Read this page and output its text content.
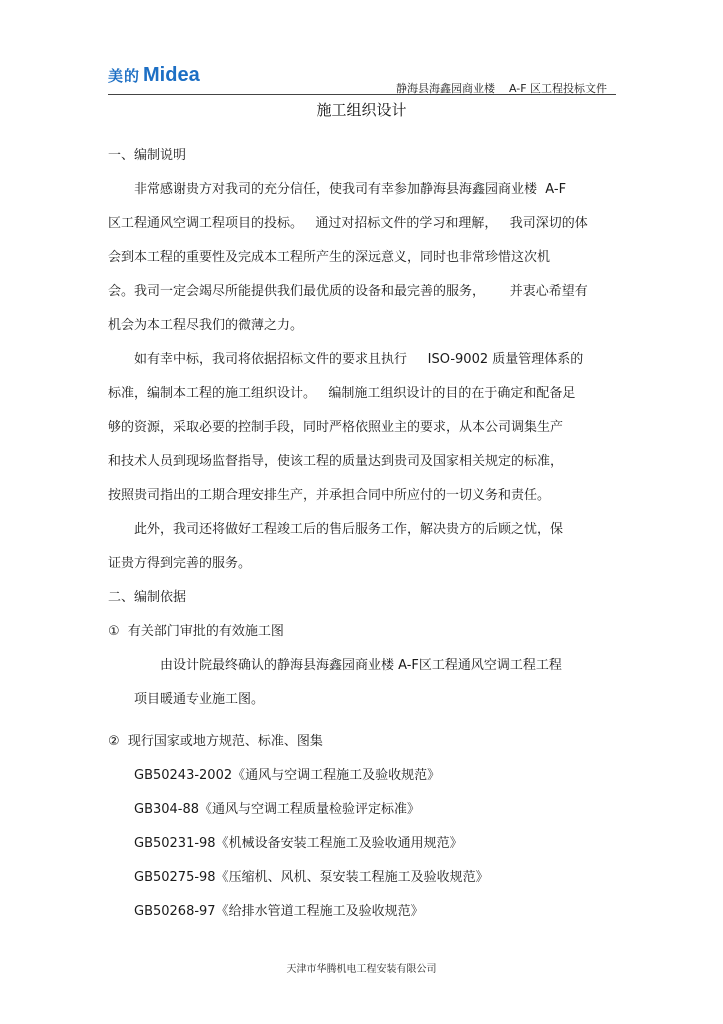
美的 Midea
静海县海鑫园商业楼    A-F 区工程投标文件
施工组织设计
一、编制说明
非常感谢贵方对我司的充分信任，使我司有幸参加静海县海鑫园商业楼  A-F
区工程通风空调工程项目的投标。   通过对招标文件的学习和理解，   我司深切的体
会到本工程的重要性及完成本工程所产生的深远意义，同时也非常珍惜这次机
会。我司一定会竭尽所能提供我们最优质的设备和最完善的服务，      并衷心希望有
机会为本工程尽我们的微薄之力。
如有幸中标，我司将依据招标文件的要求且执行     ISO-9002 质量管理体系的
标准，编制本工程的施工组织设计。   编制施工组织设计的目的在于确定和配备足
够的资源，采取必要的控制手段，同时严格依照业主的要求，从本公司调集生产
和技术人员到现场监督指导，使该工程的质量达到贵司及国家相关规定的标准，
按照贵司指出的工期合理安排生产，并承担合同中所应付的一切义务和责任。
此外，我司还将做好工程竣工后的售后服务工作，解决贵方的后顾之忧，保
证贵方得到完善的服务。
二、编制依据
①  有关部门审批的有效施工图
由设计院最终确认的静海县海鑫园商业楼 A-F区工程通风空调工程工程
项目暖通专业施工图。
②  现行国家或地方规范、标准、图集
GB50243-2002《通风与空调工程施工及验收规范》
GB304-88《通风与空调工程质量检验评定标准》
GB50231-98《机械设备安装工程施工及验收通用规范》
GB50275-98《压缩机、风机、泵安装工程施工及验收规范》
GB50268-97《给排水管道工程施工及验收规范》
天津市华腾机电工程安装有限公司
